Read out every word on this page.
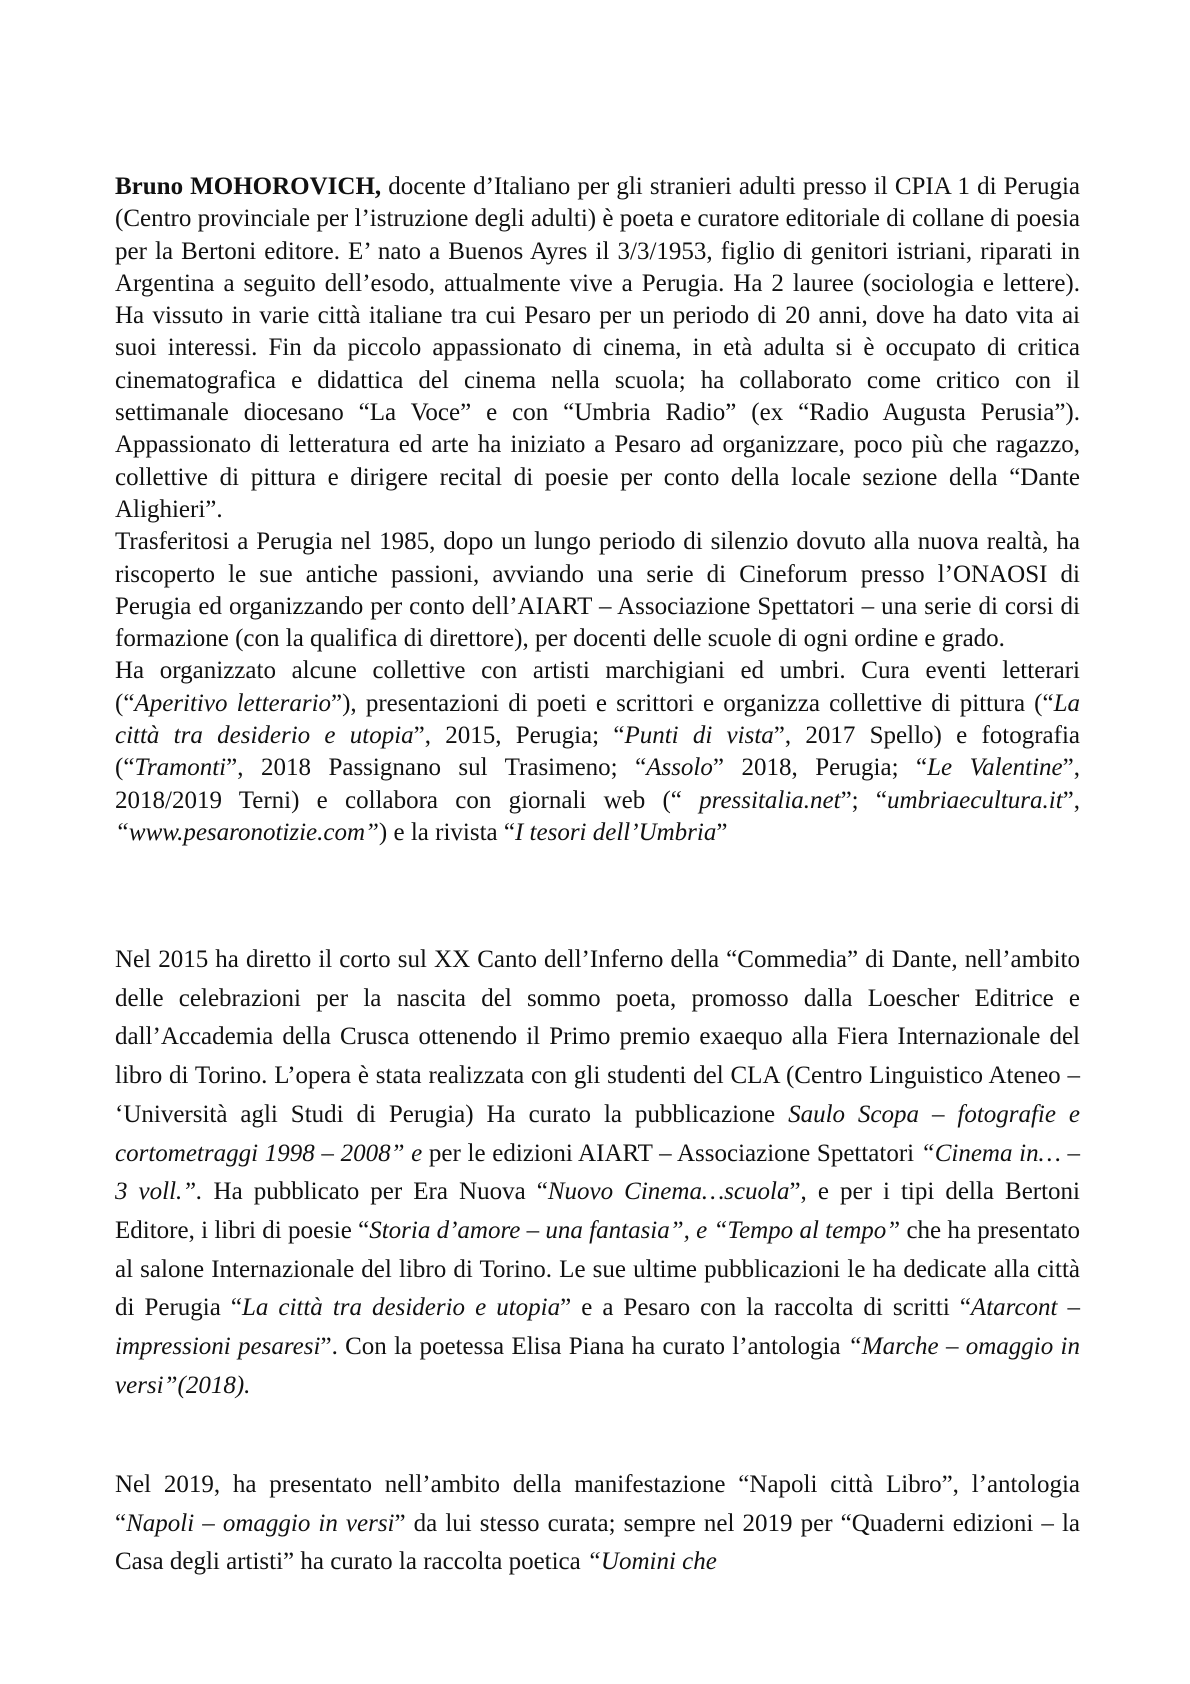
Bruno MOHOROVICH, docente d’Italiano per gli stranieri adulti presso il CPIA 1 di Perugia (Centro provinciale per l’istruzione degli adulti) è poeta e curatore editoriale di collane di poesia per la Bertoni editore. E’ nato a Buenos Ayres il 3/3/1953, figlio di genitori istriani, riparati in Argentina a seguito dell’esodo, attualmente vive a Perugia. Ha 2 lauree (sociologia e lettere). Ha vissuto in varie città italiane tra cui Pesaro per un periodo di 20 anni, dove ha dato vita ai suoi interessi. Fin da piccolo appassionato di cinema, in età adulta si è occupato di critica cinematografica e didattica del cinema nella scuola; ha collaborato come critico con il settimanale diocesano “La Voce” e con “Umbria Radio” (ex “Radio Augusta Perusia”). Appassionato di letteratura ed arte ha iniziato a Pesaro ad organizzare, poco più che ragazzo, collettive di pittura e dirigere recital di poesie per conto della locale sezione della “Dante Alighieri”.

Trasferitosi a Perugia nel 1985, dopo un lungo periodo di silenzio dovuto alla nuova realtà, ha riscoperto le sue antiche passioni, avviando una serie di Cineforum presso l’ONAOSI di Perugia ed organizzando per conto dell’AIART – Associazione Spettatori – una serie di corsi di formazione (con la qualifica di direttore), per docenti delle scuole di ogni ordine e grado.

Ha organizzato alcune collettive con artisti marchigiani ed umbri. Cura eventi letterari (“Aperitivo letterario”), presentazioni di poeti e scrittori e organizza collettive di pittura (“La città tra desiderio e utopia”, 2015, Perugia; “Punti di vista”, 2017 Spello) e fotografia (“Tramonti”, 2018 Passignano sul Trasimeno; “Assolo” 2018, Perugia; “Le Valentine”, 2018/2019 Terni) e collabora con giornali web (“ pressitalia.net”; “umbriaecultura.it”, “www.pesaronotizie.com”) e la rivista “I tesori dell’Umbria”

Nel 2015 ha diretto il corto sul XX Canto dell’Inferno della “Commedia” di Dante, nell’ambito delle celebrazioni per la nascita del sommo poeta, promosso dalla Loescher Editrice e dall’Accademia della Crusca ottenendo il Primo premio exaequo alla Fiera Internazionale del libro di Torino. L’opera è stata realizzata con gli studenti del CLA (Centro Linguistico Ateneo – ‘Università agli Studi di Perugia) Ha curato la pubblicazione Saulo Scopa – fotografie e cortometraggi 1998 – 2008” e per le edizioni AIART – Associazione Spettatori “Cinema in… – 3 voll.”. Ha pubblicato per Era Nuova “Nuovo Cinema…scuola”, e per i tipi della Bertoni Editore, i libri di poesie “Storia d’amore – una fantasia”, e “Tempo al tempo” che ha presentato al salone Internazionale del libro di Torino. Le sue ultime pubblicazioni le ha dedicate alla città di Perugia “La città tra desiderio e utopia” e a Pesaro con la raccolta di scritti “Atarcont – impressioni pesaresi”. Con la poetessa Elisa Piana ha curato l’antologia “Marche – omaggio in versi”(2018).

Nel 2019, ha presentato nell’ambito della manifestazione “Napoli città Libro”, l’antologia “Napoli – omaggio in versi” da lui stesso curata; sempre nel 2019 per “Quaderni edizioni – la Casa degli artisti” ha curato la raccolta poetica “Uomini che
